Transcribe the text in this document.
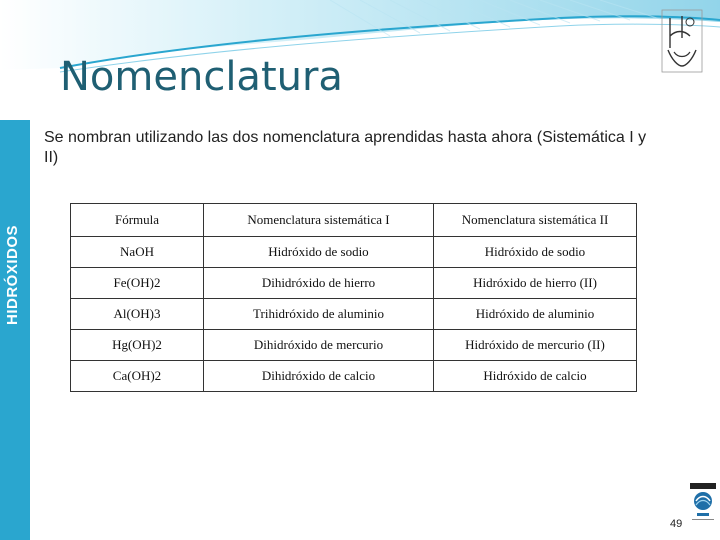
HIDRÓXIDOS
Nomenclatura
Se nombran utilizando las dos nomenclatura aprendidas hasta ahora (Sistemática I y II)
Fórmula	Nomenclatura sistemática I	Nomenclatura sistemática II
NaOH	Hidróxido de sodio	Hidróxido de sodio
Fe(OH)2	Dihidróxido de hierro	Hidróxido de hierro (II)
Al(OH)3	Trihidróxido de aluminio	Hidróxido de aluminio
Hg(OH)2	Dihidróxido de mercurio	Hidróxido de mercurio (II)
Ca(OH)2	Dihidróxido de calcio	Hidróxido de calcio
49
